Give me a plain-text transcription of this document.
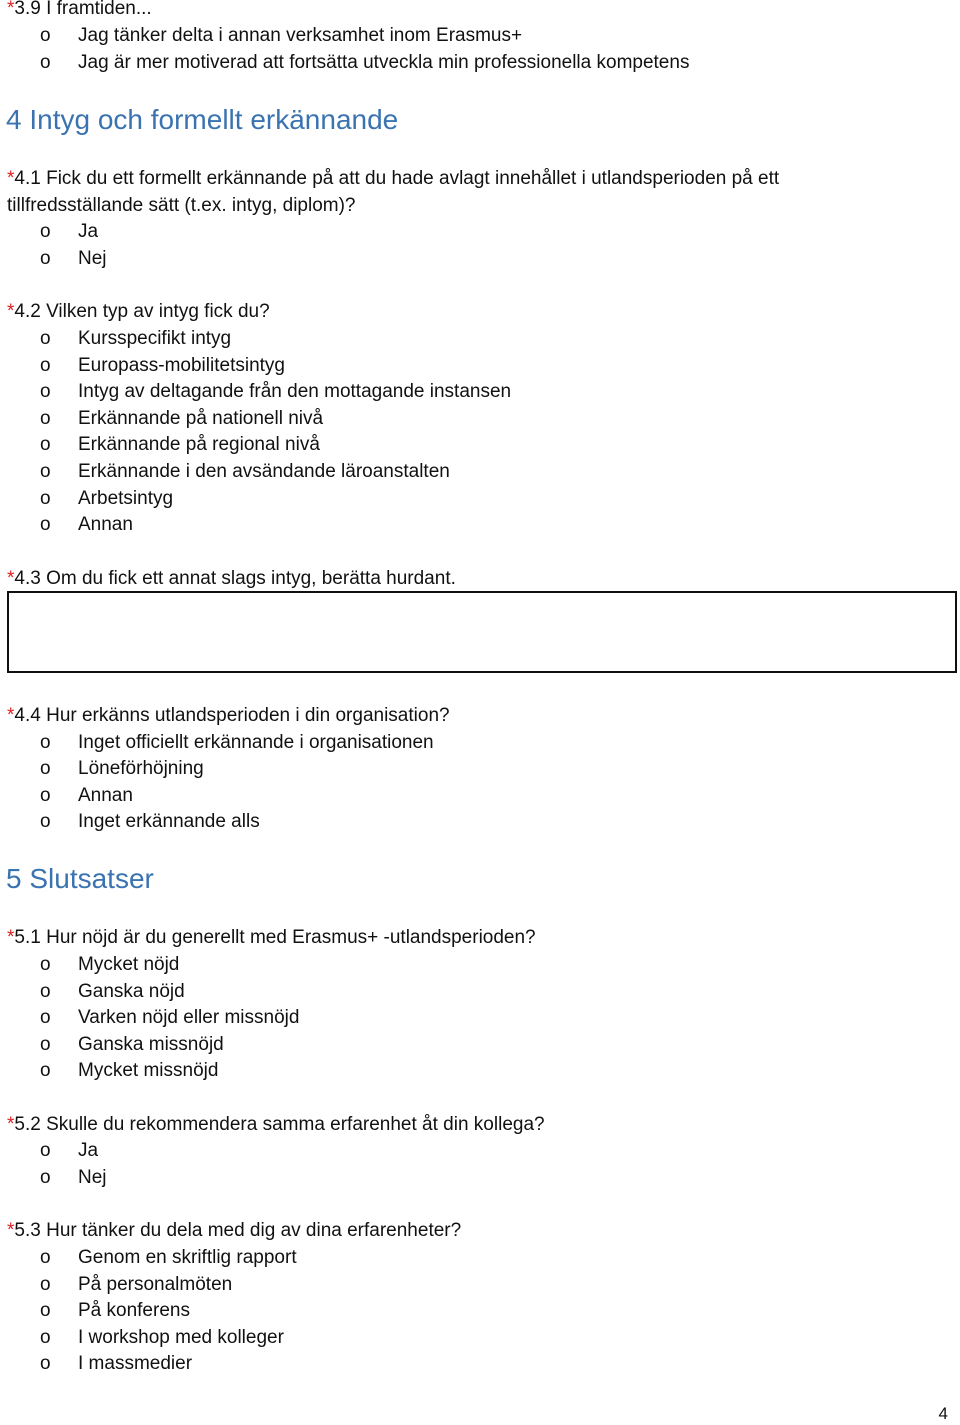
*3.9 I framtiden...
o Jag tänker delta i annan verksamhet inom Erasmus+
o Jag är mer motiverad att fortsätta utveckla min professionella kompetens
4 Intyg och formellt erkännande
*4.1 Fick du ett formellt erkännande på att du hade avlagt innehållet i utlandsperioden på ett
tillfredsställande sätt (t.ex. intyg, diplom)?
o Ja
o Nej
*4.2 Vilken typ av intyg fick du?
o Kursspecifikt intyg
o Europass-mobilitetsintyg
o Intyg av deltagande från den mottagande instansen
o Erkännande på nationell nivå
o Erkännande på regional nivå
o Erkännande i den avsändande läroanstalten
o Arbetsintyg
o Annan
*4.3 Om du fick ett annat slags intyg, berätta hurdant.
*4.4 Hur erkänns utlandsperioden i din organisation?
o Inget officiellt erkännande i organisationen
o Löneförhöjning
o Annan
o Inget erkännande alls
5 Slutsatser
*5.1 Hur nöjd är du generellt med Erasmus+ -utlandsperioden?
o Mycket nöjd
o Ganska nöjd
o Varken nöjd eller missnöjd
o Ganska missnöjd
o Mycket missnöjd
*5.2 Skulle du rekommendera samma erfarenhet åt din kollega?
o Ja
o Nej
*5.3 Hur tänker du dela med dig av dina erfarenheter?
o Genom en skriftlig rapport
o På personalmöten
o På konferens
o I workshop med kolleger
o I massmedier
4
